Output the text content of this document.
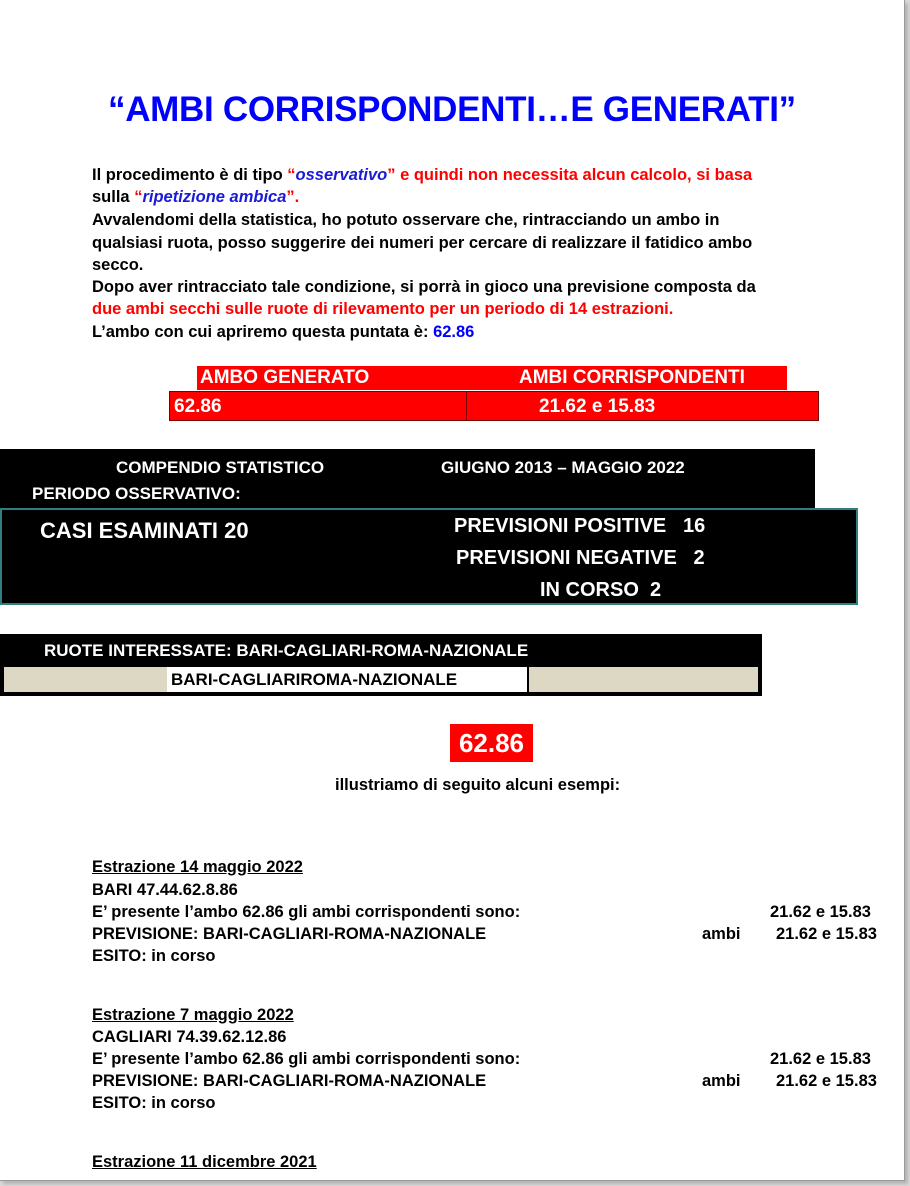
“AMBI CORRISPONDENTI…E GENERATI”
Il procedimento è di tipo “osservativo” e quindi non necessita alcun calcolo, si basa
sulla “ripetizione ambica”.
Avvalendomi della statistica, ho potuto osservare che, rintracciando un ambo in
qualsiasi ruota, posso suggerire dei numeri per cercare di realizzare il fatidico ambo
secco.
Dopo aver rintracciato tale condizione, si porrà in gioco una previsione composta da
due ambi secchi sulle ruote di rilevamento per un periodo di 14 estrazioni.
L’ambo con cui apriremo questa puntata è: 62.86
AMBO GENERATO	AMBI CORRISPONDENTI
62.86	21.62 e 15.83
COMPENDIO STATISTICO	GIUGNO 2013 – MAGGIO 2022
PERIODO OSSERVATIVO:
CASI ESAMINATI 20	PREVISIONI POSITIVE   16
PREVISIONI NEGATIVE   2
IN CORSO  2
RUOTE INTERESSATE: BARI-CAGLIARI-ROMA-NAZIONALE
BARI-CAGLIARIROMA-NAZIONALE
62.86
illustriamo di seguito alcuni esempi:
Estrazione 14 maggio 2022
BARI 47.44.62.8.86
E’ presente l’ambo 62.86 gli ambi corrispondenti sono:	21.62 e 15.83
PREVISIONE: BARI-CAGLIARI-ROMA-NAZIONALE	ambi 21.62 e 15.83
ESITO: in corso
Estrazione 7 maggio 2022
CAGLIARI 74.39.62.12.86
E’ presente l’ambo 62.86 gli ambi corrispondenti sono:	21.62 e 15.83
PREVISIONE: BARI-CAGLIARI-ROMA-NAZIONALE	ambi 21.62 e 15.83
ESITO: in corso
Estrazione 11 dicembre 2021
